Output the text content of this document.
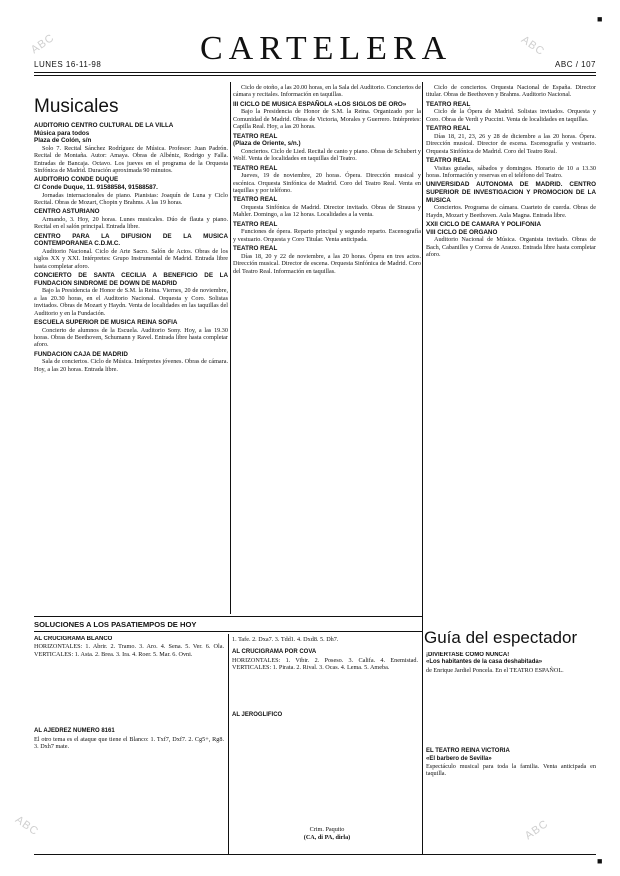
ABC	ABC
ABC	ABC
■
■
LUNES 16-11-98	CARTELERA	ABC / 107
Musicales
AUDITORIO CENTRO CULTURAL DE LA VILLA
Música para todos
Plaza de Colón, s/n

Solo 7. Recital Sánchez Rodríguez de Música. Profesor: Juan Padrón. Recital de Montaña. Autor: Amaya. Obras de Albéniz, Rodrigo y Falla. Entradas de Bancaja. Octavo. Los jueves en el programa de la Orquesta Sinfónica de Madrid. Duración aproximada 90 minutos.

AUDITORIO CONDE DUQUE
C/ Conde Duque, 11. 91588584, 91588587.

Jornadas internacionales de piano. Pianistas: Joaquín de Luna y Ciclo Recital. Obras de Mozart, Chopin y Brahms. A las 19 horas.

CENTRO ASTURIANO

Armando, 3. Hoy, 20 horas. Lunes musicales. Dúo de flauta y piano. Recital en el salón principal. Entrada libre.

CENTRO PARA LA DIFUSION DE LA MUSICA CONTEMPORANEA C.D.M.C.

Auditorio Nacional. Ciclo de Arte Sacro. Salón de Actos. Obras de los siglos XX y XXI. Intérpretes: Grupo Instrumental de Madrid. Entrada libre hasta completar aforo.

CONCIERTO DE SANTA CECILIA A BENEFICIO DE LA FUNDACION SINDROME DE DOWN DE MADRID

Bajo la Presidencia de Honor de S.M. la Reina. Viernes, 20 de noviembre, a las 20.30 horas, en el Auditorio Nacional. Orquesta y Coro. Solistas invitados. Obras de Mozart y Haydn. Venta de localidades en las taquillas del Auditorio y en la Fundación.

ESCUELA SUPERIOR DE MUSICA REINA SOFIA

Concierto de alumnos de la Escuela. Auditorio Sony. Hoy, a las 19.30 horas. Obras de Beethoven, Schumann y Ravel. Entrada libre hasta completar aforo.

FUNDACION CAJA DE MADRID

Sala de conciertos. Ciclo de Música. Intérpretes jóvenes. Obras de cámara. Hoy, a las 20 horas. Entrada libre.

Ciclo de otoño, a las 20.00 horas, en la Sala del Auditorio. Conciertos de cámara y recitales. Información en taquillas.

III CICLO DE MUSICA ESPAÑOLA «LOS SIGLOS DE ORO»

Bajo la Presidencia de Honor de S.M. la Reina. Organizado por la Comunidad de Madrid. Obras de Victoria, Morales y Guerrero. Intérpretes: Capilla Real. Hoy, a las 20 horas.

TEATRO REAL
(Plaza de Oriente, s/n.)

Conciertos. Ciclo de Lied. Recital de canto y piano. Obras de Schubert y Wolf. Venta de localidades en taquillas del Teatro.

TEATRO REAL

Jueves, 19 de noviembre, 20 horas. Ópera. Dirección musical y escénica. Orquesta Sinfónica de Madrid. Coro del Teatro Real. Venta en taquillas y por teléfono.

TEATRO REAL

Orquesta Sinfónica de Madrid. Director invitado. Obras de Strauss y Mahler. Domingo, a las 12 horas. Localidades a la venta.

TEATRO REAL

Funciones de ópera. Reparto principal y segundo reparto. Escenografía y vestuario. Orquesta y Coro Titular. Venta anticipada.

TEATRO REAL

Días 18, 20 y 22 de noviembre, a las 20 horas. Ópera en tres actos. Dirección musical. Director de escena. Orquesta Sinfónica de Madrid. Coro del Teatro Real. Información en taquillas.

Ciclo de conciertos. Orquesta Nacional de España. Director titular. Obras de Beethoven y Brahms. Auditorio Nacional.

TEATRO REAL

Ciclo de la Ópera de Madrid. Solistas invitados. Orquesta y Coro. Obras de Verdi y Puccini. Venta de localidades en taquillas.

TEATRO REAL

Días 18, 21, 23, 26 y 28 de diciembre a las 20 horas. Ópera. Dirección musical. Director de escena. Escenografía y vestuario. Orquesta Sinfónica de Madrid. Coro del Teatro Real.

TEATRO REAL

Visitas guiadas, sábados y domingos. Horario de 10 a 13.30 horas. Información y reservas en el teléfono del Teatro.

UNIVERSIDAD AUTONOMA DE MADRID. CENTRO SUPERIOR DE INVESTIGACION Y PROMOCION DE LA MUSICA

Conciertos. Programa de cámara. Cuarteto de cuerda. Obras de Haydn, Mozart y Beethoven. Aula Magna. Entrada libre.

XXII CICLO DE CAMARA Y POLIFONIA
VIII CICLO DE ORGANO

Auditorio Nacional de Música. Organista invitado. Obras de Bach, Cabanilles y Correa de Arauxo. Entrada libre hasta completar aforo.

SOLUCIONES A LOS PASATIEMPOS DE HOY
AL CRUCIGRAMA BLANCO

HORIZONTALES: 1. Abrir. 2. Tramo. 3. Aro. 4. Sena. 5. Ver. 6. Ola. VERTICALES: 1. Asta. 2. Brea. 3. Ira. 4. Roer. 5. Mar. 6. Ovni.

AL AJEDREZ NUMERO 8161

El otro tema es el ataque que tiene el Blanco: 1. Txf7, Dxf7. 2. Cg5+, Rg8. 3. Dxh7 mate.

1. Tafe. 2. Dxa7. 3. Tdd1. 4. Dxd8. 5. Dh7.

AL CRUCIGRAMA POR COVA

HORIZONTALES: 1. Vibir. 2. Poseso. 3. Califa. 4. Enemistad. VERTICALES: 1. Pirata. 2. Rival. 3. Ocas. 4. Lema. 5. Ameba.

AL JEROGLIFICO
Crim. Paquito
(CA, di PA, dirla)
Guía del espectador
¡DIVIERTASE COMO NUNCA!
«Los habitantes de la casa deshabitada»

de Enrique Jardiel Poncela. En el TEATRO ESPAÑOL.

EL TEATRO REINA VICTORIA
«El barbero de Sevilla»

Espectáculo musical para toda la familia. Venta anticipada en taquilla.
